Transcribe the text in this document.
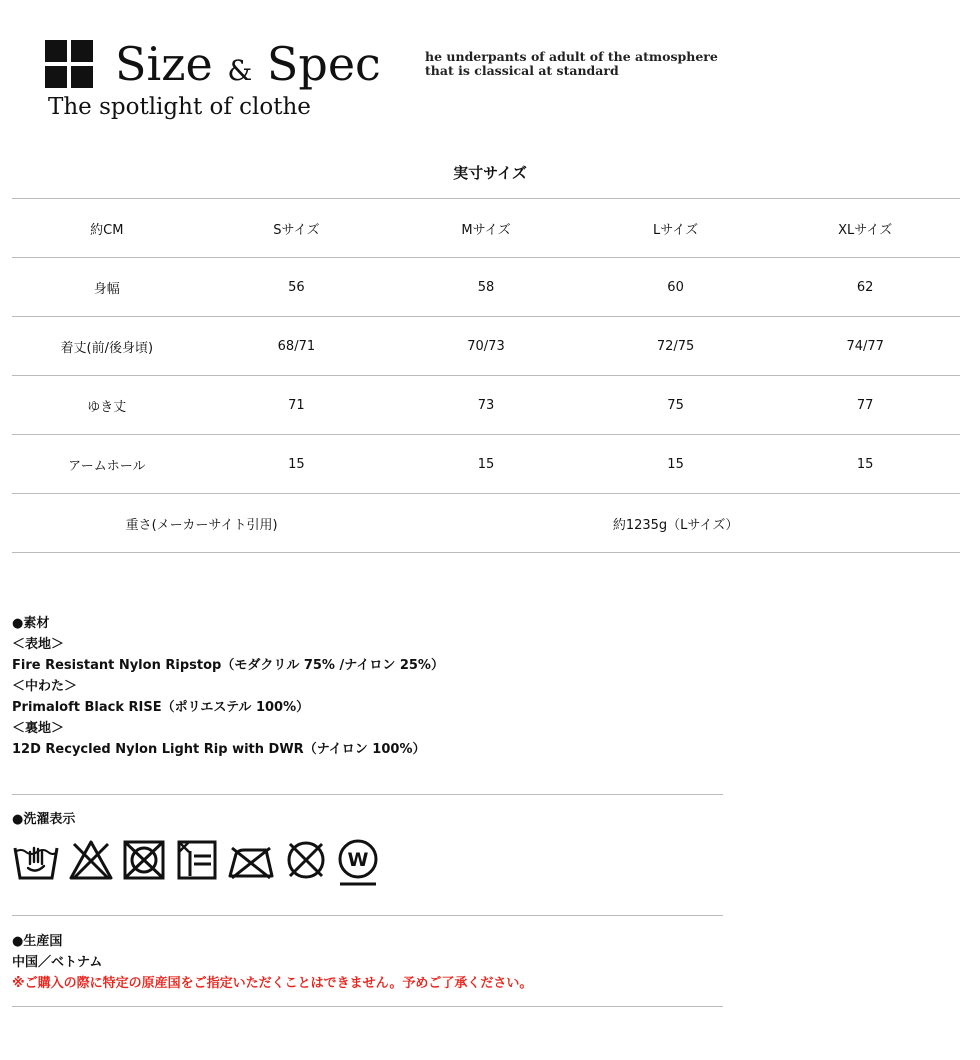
Size & Spec
The spotlight of clothe
he underpants of adult of the atmosphere
that is classical at standard
実寸サイズ
約CM	Sサイズ	Mサイズ	Lサイズ	XLサイズ
身幅	56	58	60	62
着丈(前/後身頃)	68/71	70/73	72/75	74/77
ゆき丈	71	73	75	77
アームホール	15	15	15	15
重さ(メーカーサイト引用)		約1235g（Lサイズ）		
●素材
＜表地＞
Fire Resistant Nylon Ripstop（モダクリル 75% /ナイロン 25%）
＜中わた＞
Primaloft Black RISE（ポリエステル 100%）
＜裏地＞
12D Recycled Nylon Light Rip with DWR（ナイロン 100%）
●洗濯表示
W
●生産国
中国／ベトナム
※ご購入の際に特定の原産国をご指定いただくことはできません。予めご了承ください。
